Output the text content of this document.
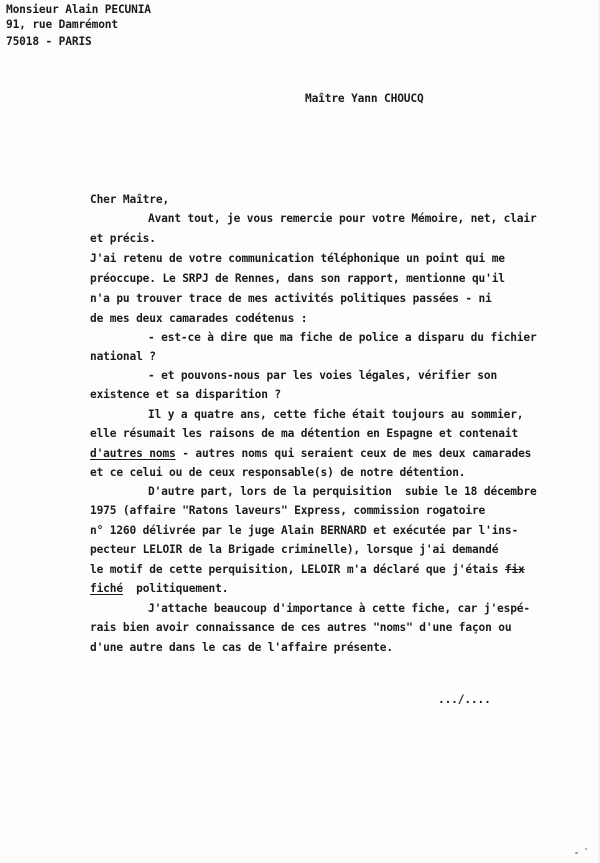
Monsieur Alain PECUNIA
91, rue Damrémont
75018 - PARIS
Maître Yann CHOUCQ
Cher Maître,
Avant tout, je vous remercie pour votre Mémoire, net, clair
et précis.
J'ai retenu de votre communication téléphonique un point qui me
préoccupe. Le SRPJ de Rennes, dans son rapport, mentionne qu'il
n'a pu trouver trace de mes activités politiques passées - ni
de mes deux camarades codétenus :
- est-ce à dire que ma fiche de police a disparu du fichier
national ?
- et pouvons-nous par les voies légales, vérifier son
existence et sa disparition ?
Il y a quatre ans, cette fiche était toujours au sommier,
elle résumait les raisons de ma détention en Espagne et contenait
d'autres noms - autres noms qui seraient ceux de mes deux camarades
et ce celui ou de ceux responsable(s) de notre détention.
D'autre part, lors de la perquisition  subie le 18 décembre
1975 (affaire "Ratons laveurs" Express, commission rogatoire
n° 1260 délivrée par le juge Alain BERNARD et exécutée par l'ins-
pecteur LELOIR de la Brigade criminelle), lorsque j'ai demandé
le motif de cette perquisition, LELOIR m'a déclaré que j'étais fix
fiché  politiquement.
J'attache beaucoup d'importance à cette fiche, car j'espé-
rais bien avoir connaissance de ces autres "noms" d'une façon ou
d'une autre dans le cas de l'affaire présente.
.../....
